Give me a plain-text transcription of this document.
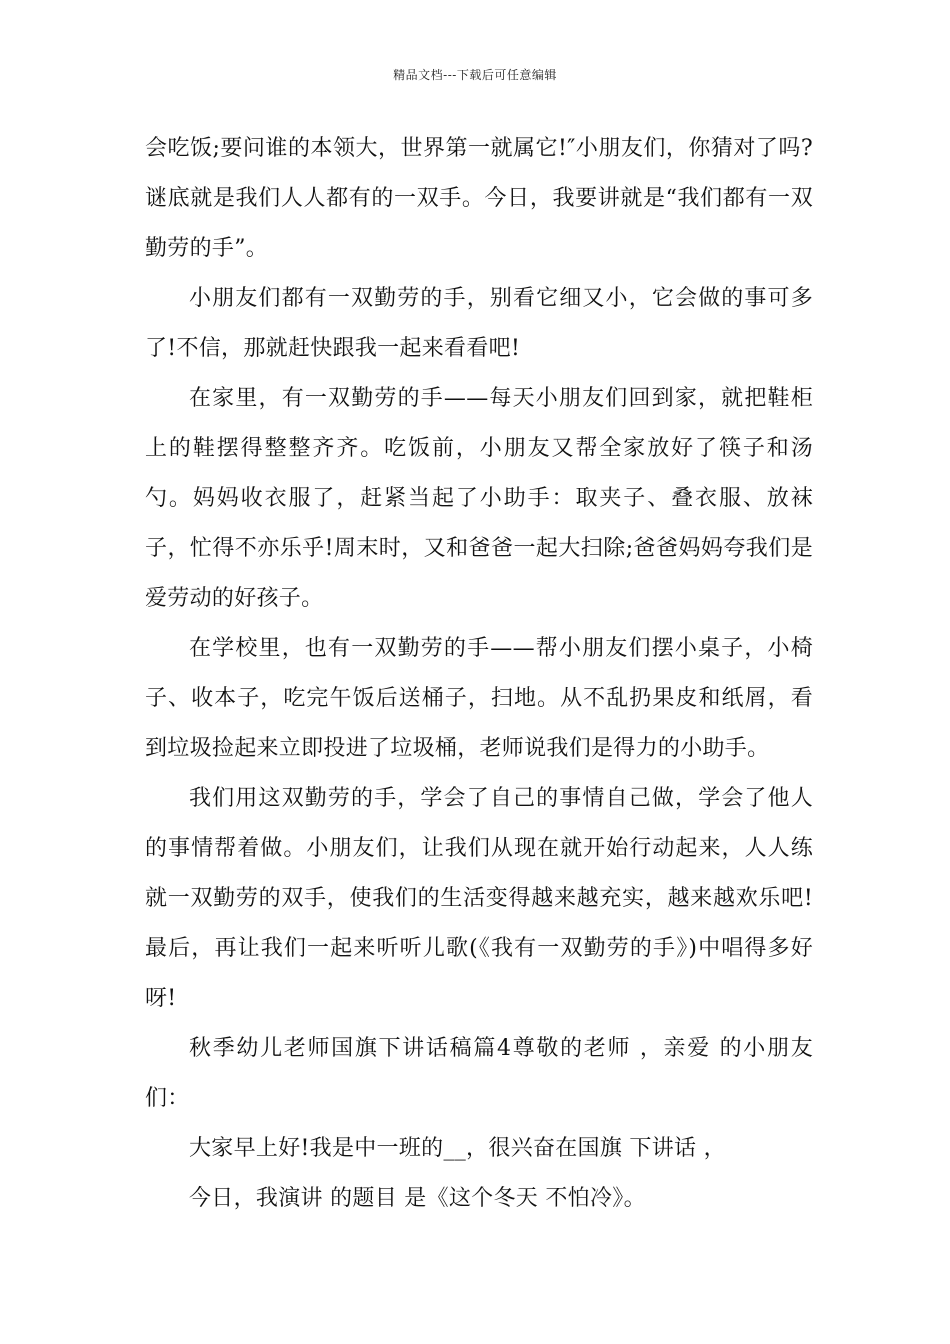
精品文档---下载后可任意编辑

会吃饭;要问谁的本领大，世界第一就属它!″小朋友们，你猜对了吗?谜底就是我们人人都有的一双手。今日，我要讲就是“我们都有一双勤劳的手”。

小朋友们都有一双勤劳的手，别看它细又小，它会做的事可多了!不信，那就赶快跟我一起来看看吧!

在家里，有一双勤劳的手——每天小朋友们回到家，就把鞋柜上的鞋摆得整整齐齐。吃饭前，小朋友又帮全家放好了筷子和汤勺。妈妈收衣服了，赶紧当起了小助手：取夹子、叠衣服、放袜子，忙得不亦乐乎!周末时，又和爸爸一起大扫除;爸爸妈妈夸我们是爱劳动的好孩子。

在学校里，也有一双勤劳的手——帮小朋友们摆小桌子，小椅子、收本子，吃完午饭后送桶子，扫地。从不乱扔果皮和纸屑，看到垃圾捡起来立即投进了垃圾桶，老师说我们是得力的小助手。

我们用这双勤劳的手，学会了自己的事情自己做，学会了他人的事情帮着做。小朋友们，让我们从现在就开始行动起来，人人练就一双勤劳的双手，使我们的生活变得越来越充实，越来越欢乐吧!最后，再让我们一起来听听儿歌(《我有一双勤劳的手》)中唱得多好呀!

秋季幼儿老师国旗下讲话稿篇4尊敬的老师 ，亲爱 的小朋友们：

大家早上好!我是中一班的__，很兴奋在国旗 下讲话 ，

今日，我演讲 的题目 是《这个冬天 不怕冷》。
